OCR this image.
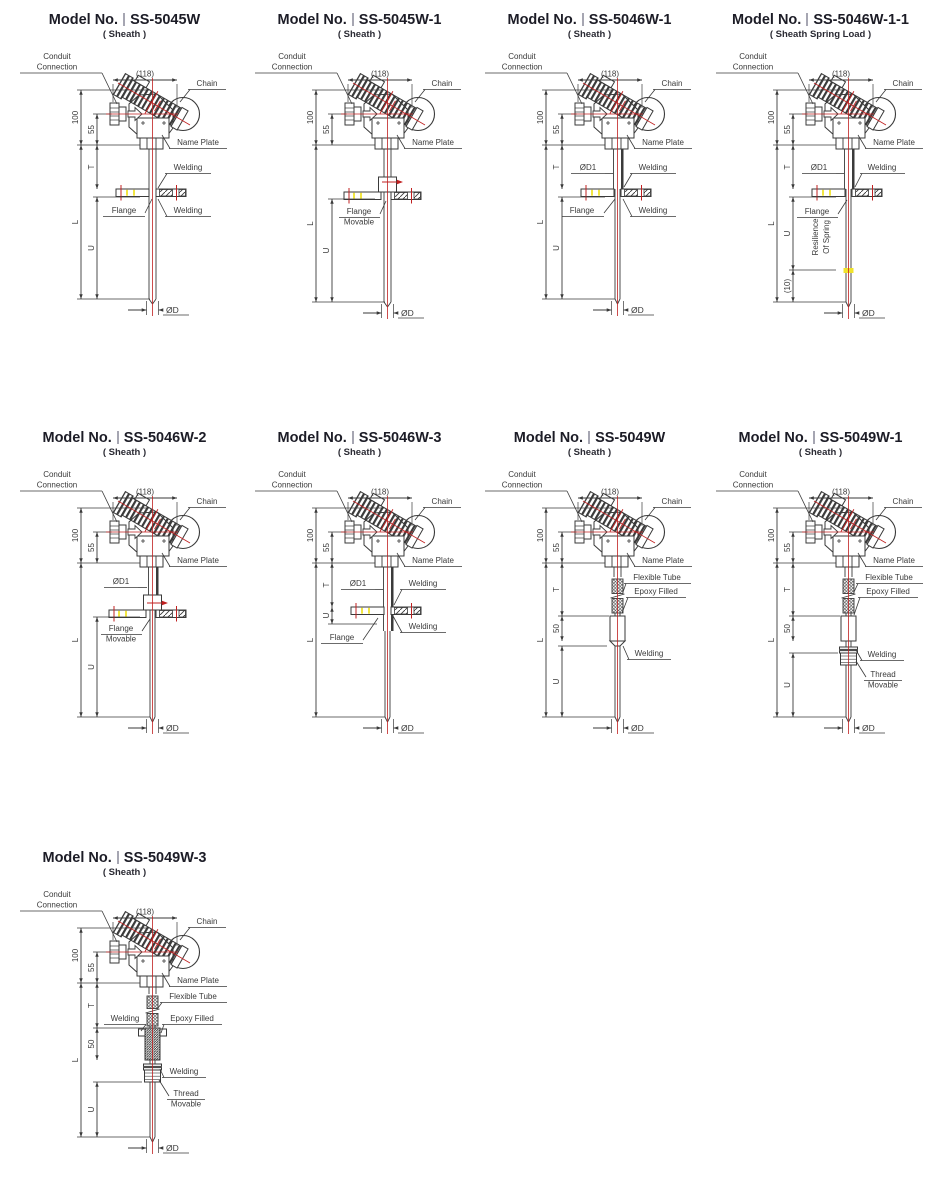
Model No. SS-5045W
( Sheath )
(118)
100
55
T
L
U
Conduit
Connection
Chain
Name Plate
Welding
Flange	Welding
ØD
Model No. SS-5045W-1
( Sheath )
(118)
100
55
L
U
Conduit
Connection
Chain
Name Plate
Flange
Movable
ØD
Model No. SS-5046W-1
( Sheath )
(118)
100
55
T
L
U
Conduit
Connection
Chain
Name Plate
ØD1	Welding
Flange	Welding
ØD
Model No. SS-5046W-1-1
( Sheath Spring Load )
(118)
100
55
T
L
U
(10)
Conduit
Connection
Chain
Name Plate
ØD1	Welding
Flange
Resilience Of Spring
ØD
Model No. SS-5046W-2
( Sheath )
(118)
100
55
L
U
Conduit
Connection
Chain
Name Plate
ØD1
Flange
Movable
ØD
Model No. SS-5046W-3
( Sheath )
(118)
100
55
T
U
L
Conduit
Connection
Chain
Name Plate
ØD1	Welding
Welding
Flange
ØD
Model No. SS-5049W
( Sheath )
(118)
100
55
T
50
U
L
Conduit
Connection
Chain
Name Plate
Flexible Tube
Epoxy Filled
Welding
ØD
Model No. SS-5049W-1
( Sheath )
(118)
100
55
T
50
U
L
Conduit
Connection
Chain
Name Plate
Flexible Tube
Epoxy Filled
Welding
Thread
Movable
ØD
Model No. SS-5049W-3
( Sheath )
(118)
100
55
T
50
U
L
Conduit
Connection
Chain
Name Plate
Flexible Tube
Welding	Epoxy Filled
Welding
Thread
Movable
ØD
